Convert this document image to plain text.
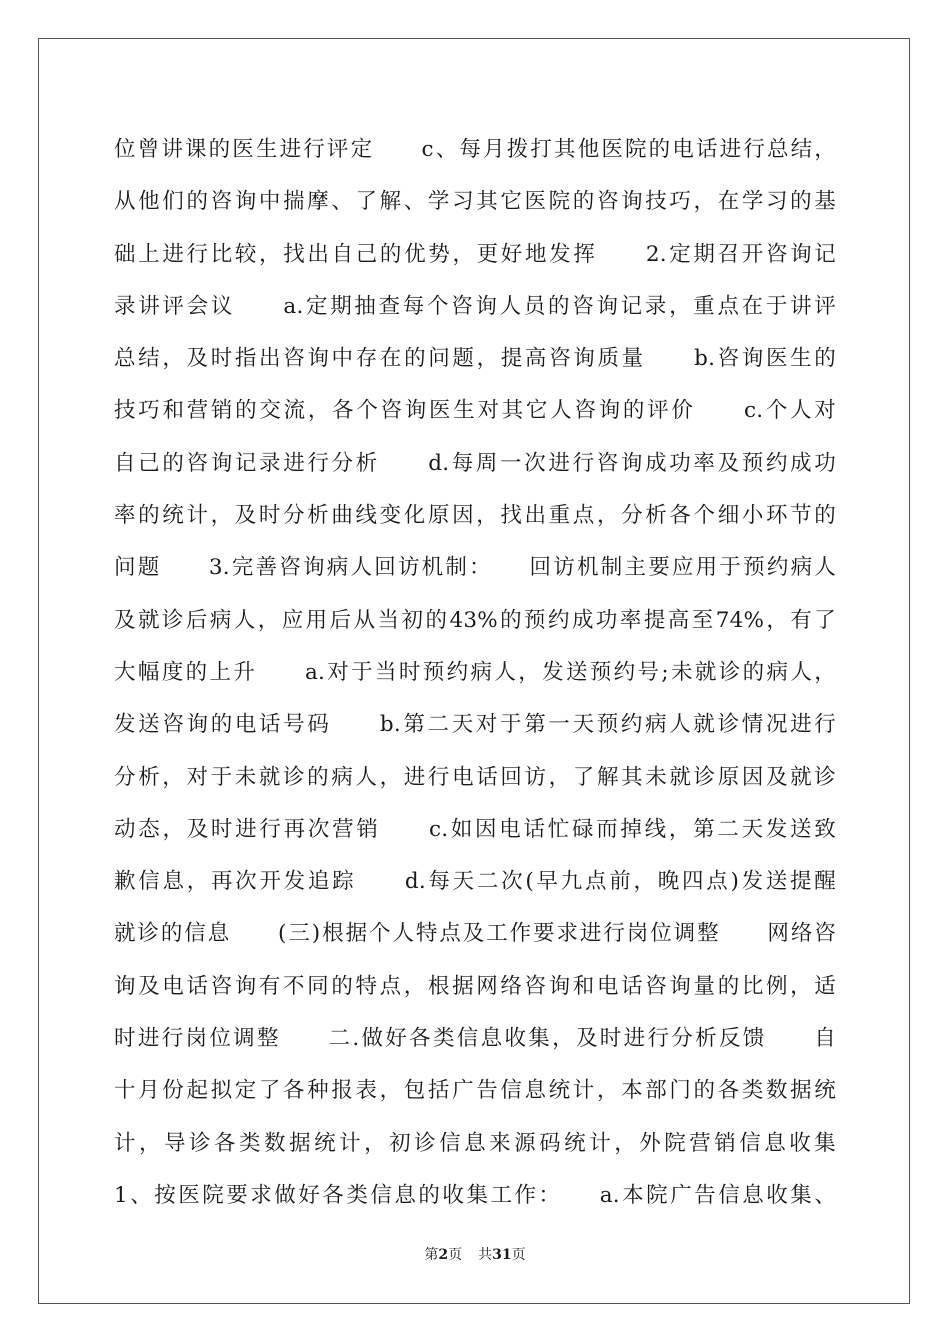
位曾讲课的医生进行评定　　c、每月拨打其他医院的电话进行总结，
从他们的咨询中揣摩、了解、学习其它医院的咨询技巧，在学习的基
础上进行比较，找出自己的优势，更好地发挥　　2.定期召开咨询记
录讲评会议　　a.定期抽查每个咨询人员的咨询记录，重点在于讲评
总结，及时指出咨询中存在的问题，提高咨询质量　　b.咨询医生的
技巧和营销的交流，各个咨询医生对其它人咨询的评价　　c.个人对
自己的咨询记录进行分析　　d.每周一次进行咨询成功率及预约成功
率的统计，及时分析曲线变化原因，找出重点，分析各个细小环节的
问题　　3.完善咨询病人回访机制：　　回访机制主要应用于预约病人
及就诊后病人，应用后从当初的43%的预约成功率提高至74%，有了
大幅度的上升　　a.对于当时预约病人，发送预约号;未就诊的病人，
发送咨询的电话号码　　b.第二天对于第一天预约病人就诊情况进行
分析，对于未就诊的病人，进行电话回访，了解其未就诊原因及就诊
动态，及时进行再次营销　　c.如因电话忙碌而掉线，第二天发送致
歉信息，再次开发追踪　　d.每天二次(早九点前，晚四点)发送提醒
就诊的信息　　(三)根据个人特点及工作要求进行岗位调整　　网络咨
询及电话咨询有不同的特点，根据网络咨询和电话咨询量的比例，适
时进行岗位调整　　二.做好各类信息收集，及时进行分析反馈　　自
十月份起拟定了各种报表，包括广告信息统计，本部门的各类数据统
计，导诊各类数据统计，初诊信息来源码统计，外院营销信息收集
1、按医院要求做好各类信息的收集工作：　　a.本院广告信息收集、
第2页 共31页
